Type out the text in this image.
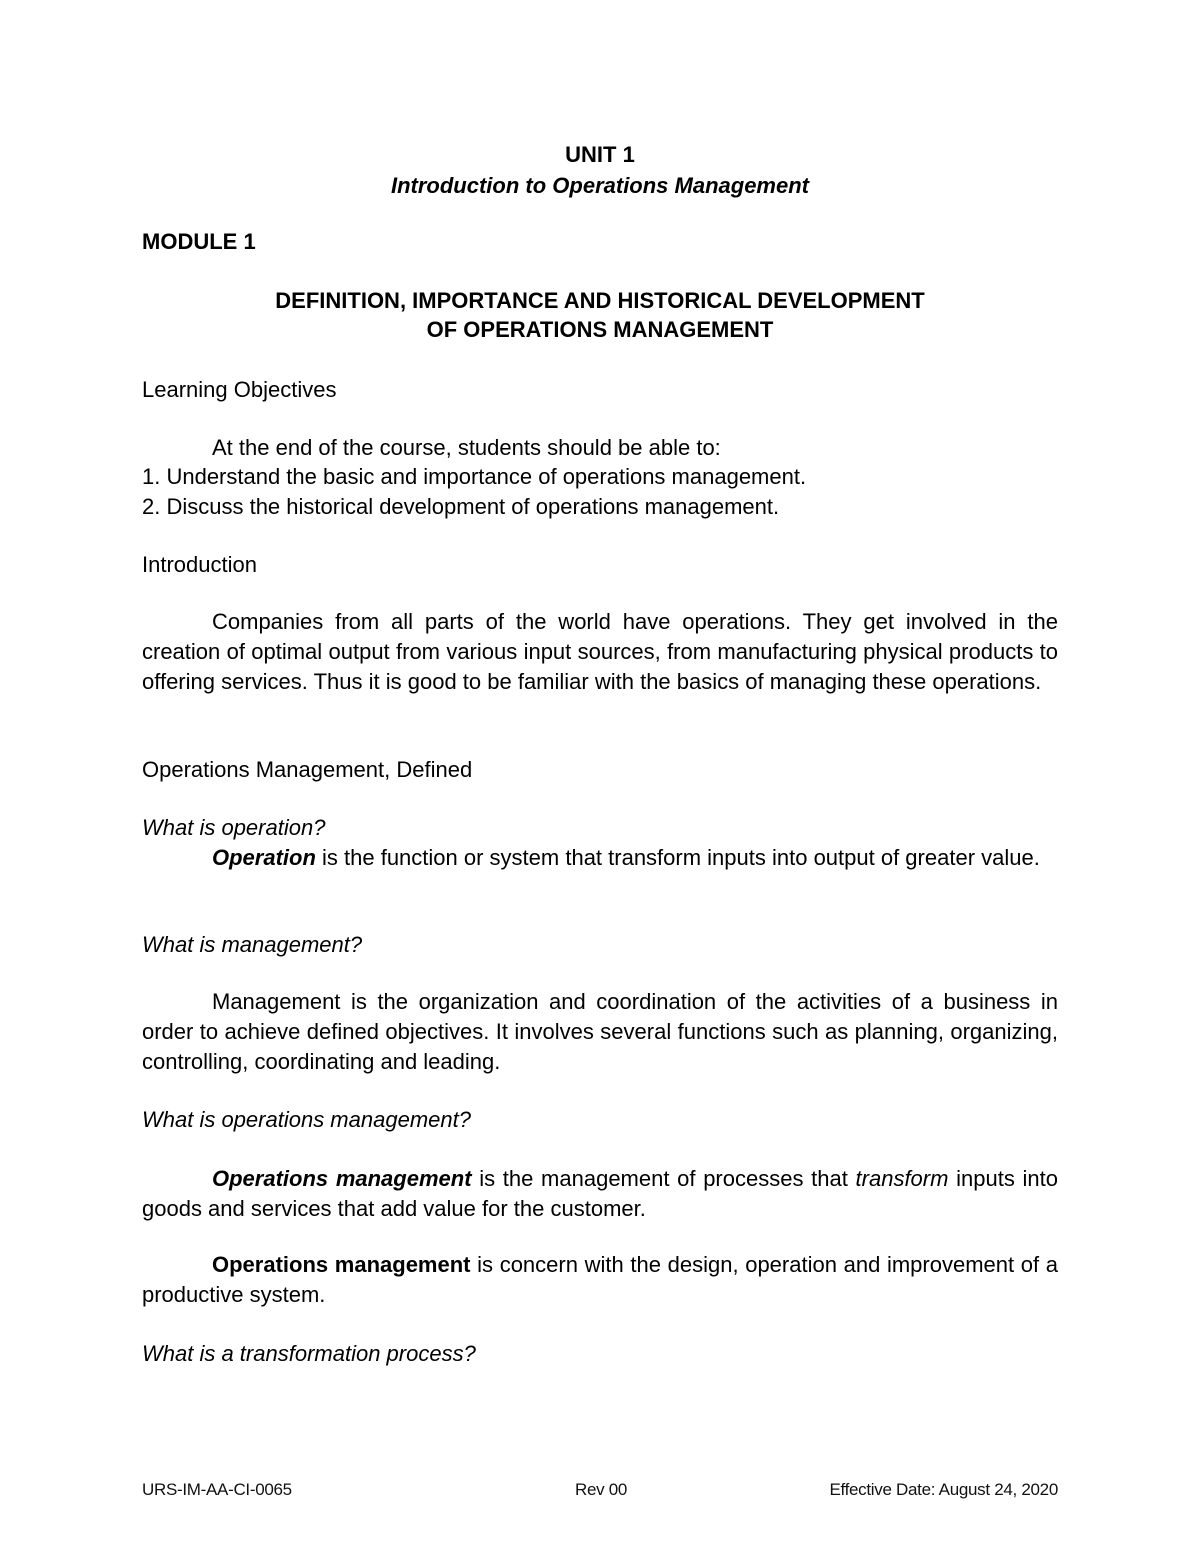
UNIT 1

Introduction to Operations Management

MODULE 1

DEFINITION, IMPORTANCE AND HISTORICAL DEVELOPMENT

OF OPERATIONS MANAGEMENT

Learning Objectives

At the end of the course, students should be able to:

1. Understand the basic and importance of operations management.

2. Discuss the historical development of operations management.

Introduction

Companies from all parts of the world have operations. They get involved in the creation of optimal output from various input sources, from manufacturing physical products to offering services. Thus it is good to be familiar with the basics of managing these operations.

Operations Management, Defined

What is operation?

Operation is the function or system that transform inputs into output of greater value.

What is management?

Management is the organization and coordination of the activities of a business in order to achieve defined objectives. It involves several functions such as planning, organizing, controlling, coordinating and leading.

What is operations management?

Operations management is the management of processes that transform inputs into goods and services that add value for the customer.

Operations management is concern with the design, operation and improvement of a productive system.

What is a transformation process?

URS-IM-AA-CI-0065	Rev 00	Effective Date: August 24, 2020
